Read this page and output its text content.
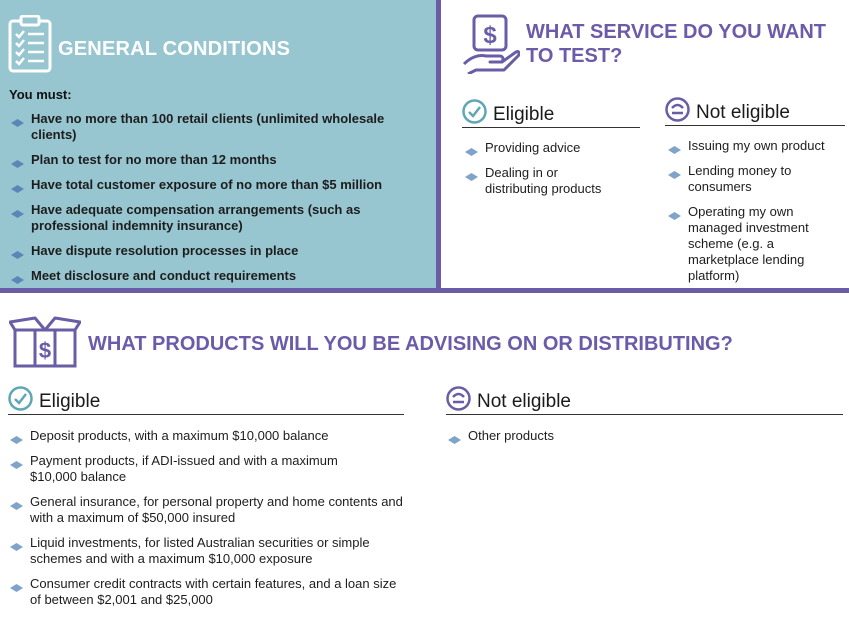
GENERAL CONDITIONS
You must:
Have no more than 100 retail clients (unlimited wholesale clients)
Plan to test for no more than 12 months
Have total customer exposure of no more than $5 million
Have adequate compensation arrangements (such as professional indemnity insurance)
Have dispute resolution processes in place
Meet disclosure and conduct requirements
$ WHAT SERVICE DO YOU WANT TO TEST?
Eligible	Not eligible
Providing advice
Dealing in or distributing products
Issuing my own product
Lending money to consumers
Operating my own managed investment scheme (e.g. a marketplace lending platform)
$ WHAT PRODUCTS WILL YOU BE ADVISING ON OR DISTRIBUTING?
Eligible	Not eligible
Deposit products, with a maximum $10,000 balance
Payment products, if ADI-issued and with a maximum $10,000 balance
General insurance, for personal property and home contents and with a maximum of $50,000 insured
Liquid investments, for listed Australian securities or simple schemes and with a maximum $10,000 exposure
Consumer credit contracts with certain features, and a loan size of between $2,001 and $25,000
Other products
